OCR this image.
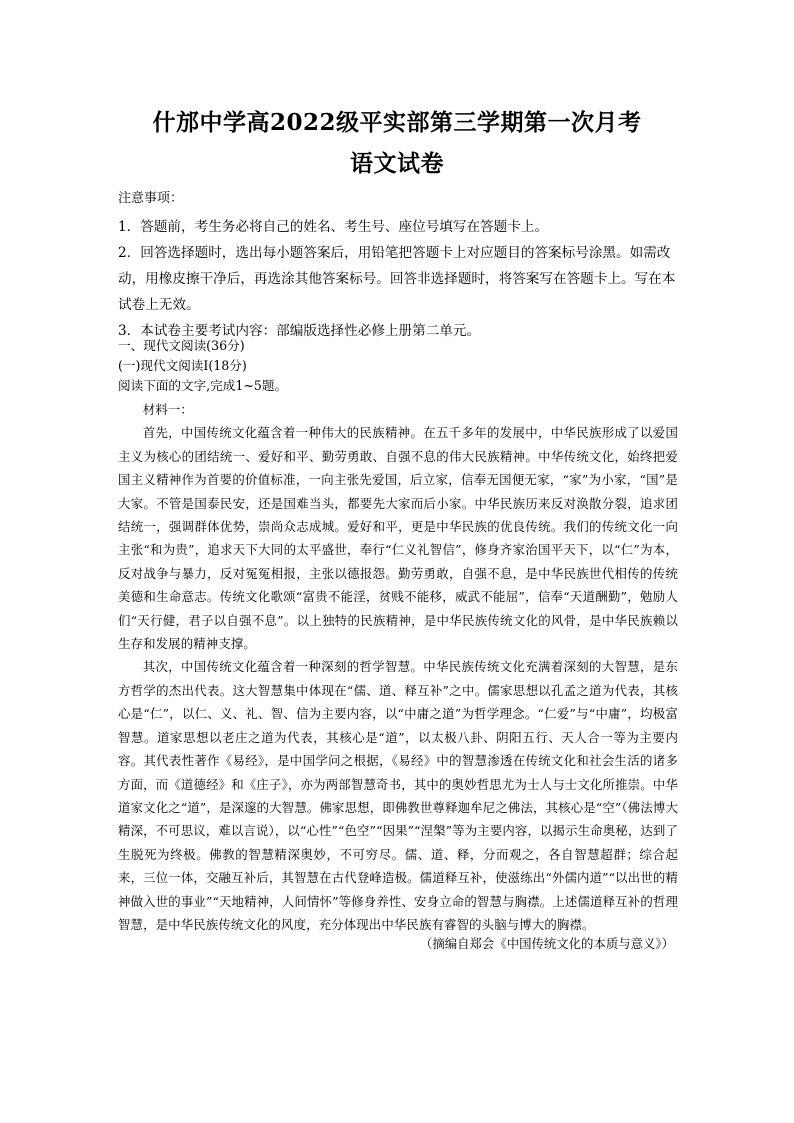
什邡中学高2022级平实部第三学期第一次月考
语文试卷

注意事项：

1．答题前，考生务必将自己的姓名、考生号、座位号填写在答题卡上。

2．回答选择题时，选出每小题答案后，用铅笔把答题卡上对应题目的答案标号涂黑。如需改动，用橡皮擦干净后，再选涂其他答案标号。回答非选择题时，将答案写在答题卡上。写在本试卷上无效。

3．本试卷主要考试内容：部编版选择性必修上册第二单元。

一、现代文阅读(36分)

(一)现代文阅读Ⅰ(18分)

阅读下面的文字,完成1~5题。

材料一：

首先，中国传统文化蕴含着一种伟大的民族精神。在五千多年的发展中，中华民族形成了以爱国主义为核心的团结统一、爱好和平、勤劳勇敢、自强不息的伟大民族精神。中华传统文化，始终把爱国主义精神作为首要的价值标准，一向主张先爱国，后立家，信奉无国便无家，“家”为小家，“国”是大家。不管是国泰民安，还是国难当头，都要先大家而后小家。中华民族历来反对涣散分裂，追求团结统一，强调群体优势，崇尚众志成城。爱好和平，更是中华民族的优良传统。我们的传统文化一向主张“和为贵”，追求天下大同的太平盛世，奉行“仁义礼智信”，修身齐家治国平天下，以“仁”为本，反对战争与暴力，反对冤冤相报，主张以德报怨。勤劳勇敢，自强不息，是中华民族世代相传的传统美德和生命意志。传统文化歌颂“富贵不能淫，贫贱不能移，威武不能屈”，信奉“天道酬勤”，勉励人们“天行健，君子以自强不息”。以上独特的民族精神，是中华民族传统文化的风骨，是中华民族赖以生存和发展的精神支撑。

其次，中国传统文化蕴含着一种深刻的哲学智慧。中华民族传统文化充满着深刻的大智慧，是东方哲学的杰出代表。这大智慧集中体现在“儒、道、释互补”之中。儒家思想以孔孟之道为代表，其核心是“仁”，以仁、义、礼、智、信为主要内容，以“中庸之道”为哲学理念。“仁爱”与“中庸”，均极富智慧。道家思想以老庄之道为代表，其核心是“道”，以太极八卦、阴阳五行、天人合一等为主要内容。其代表性著作《易经》，是中国学问之根据，《易经》中的智慧渗透在传统文化和社会生活的诸多方面，而《道德经》和《庄子》，亦为两部智慧奇书，其中的奥妙哲思尤为士人与士文化所推崇。中华道家文化之“道”，是深邃的大智慧。佛家思想，即佛教世尊释迦牟尼之佛法，其核心是“空”（佛法博大精深，不可思议，难以言说），以“心性”“色空”“因果”“涅槃”等为主要内容，以揭示生命奥秘，达到了生脱死为终极。佛教的智慧精深奥妙，不可穷尽。儒、道、释，分而观之，各自智慧超群；综合起来，三位一体，交融互补后，其智慧在古代登峰造极。儒道释互补，使滋练出“外儒内道”“以出世的精神做入世的事业”“天地精神，人间情怀”等修身养性、安身立命的智慧与胸襟。上述儒道释互补的哲理智慧，是中华民族传统文化的风度，充分体现出中华民族有睿智的头脑与博大的胸襟。

（摘编自郑会《中国传统文化的本质与意义》）
